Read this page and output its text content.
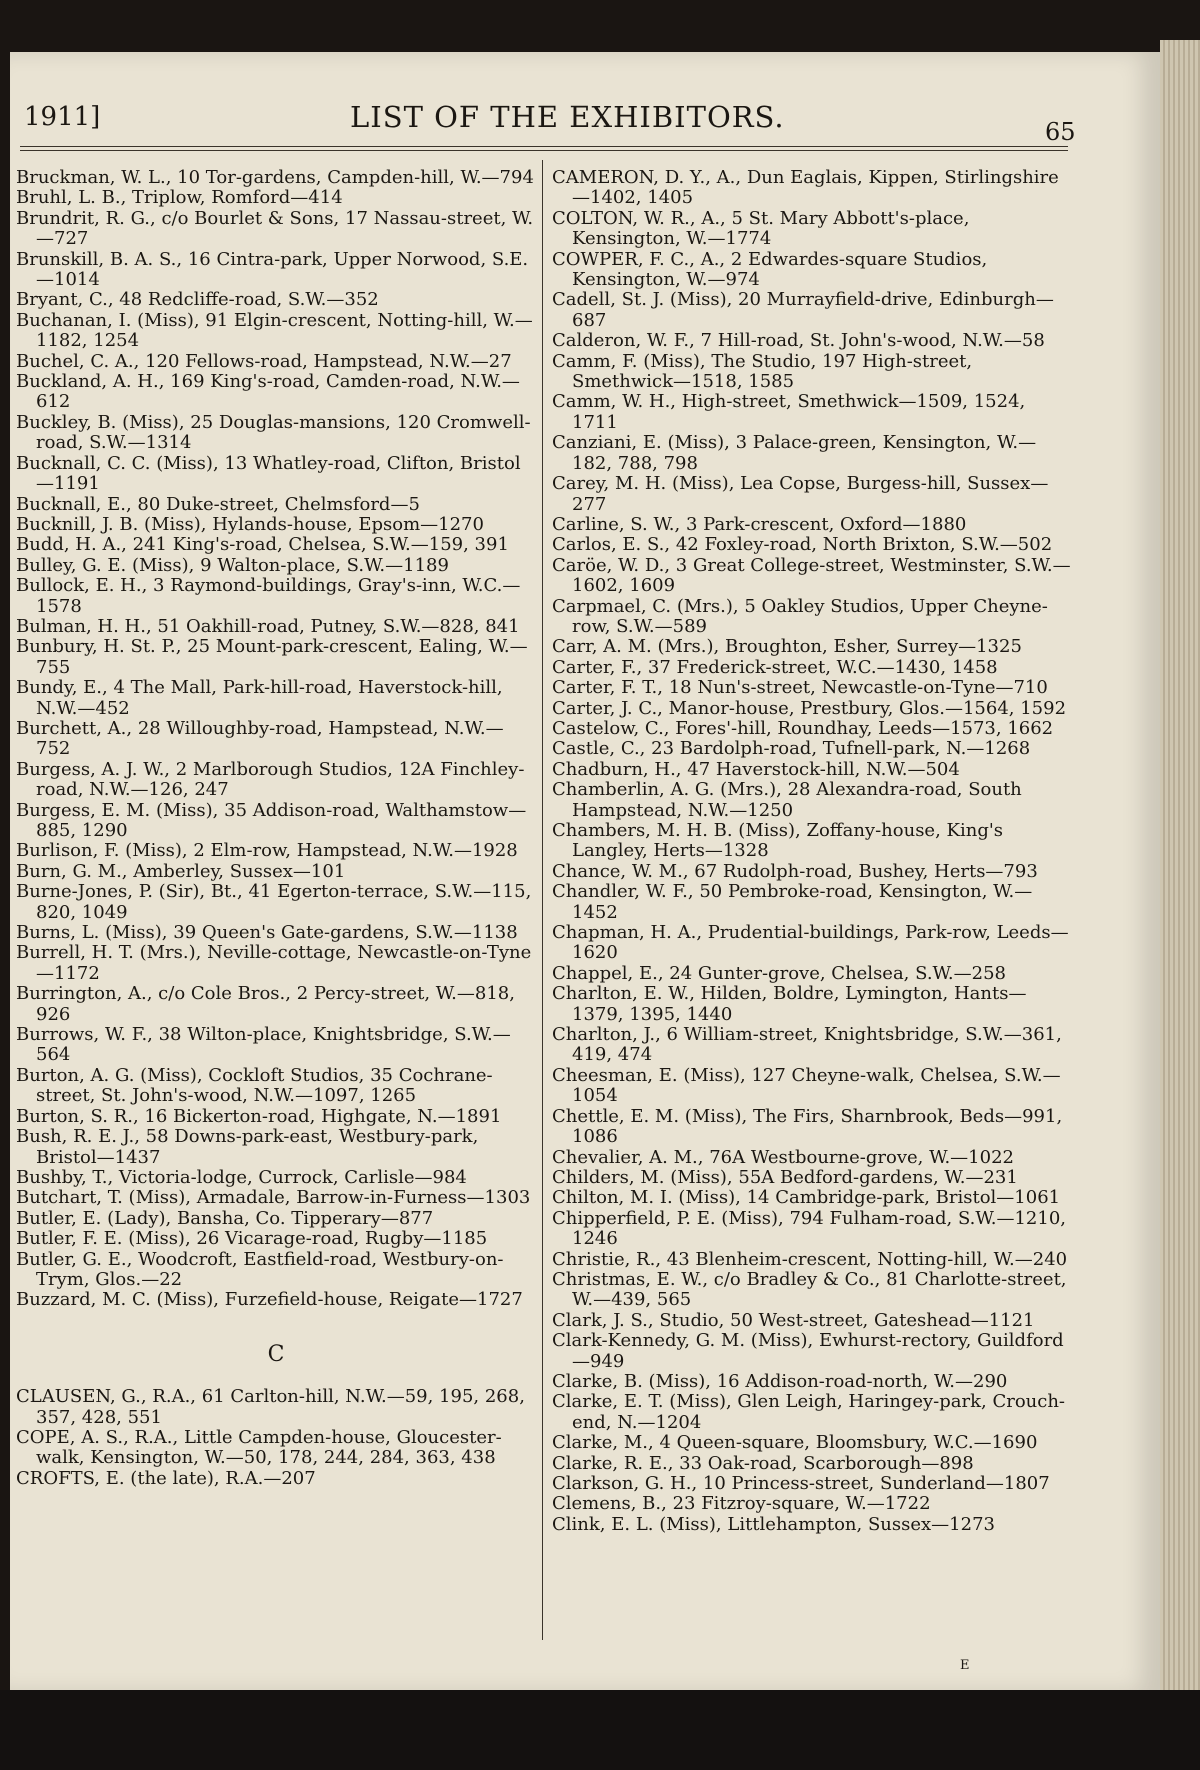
1911]	LIST OF THE EXHIBITORS.	65

Bruckman, W. L., 10 Tor-gardens, Campden-hill, W.—794

Bruhl, L. B., Triplow, Romford—414

Brundrit, R. G., c/o Bourlet & Sons, 17 Nassau-street, W.—727

Brunskill, B. A. S., 16 Cintra-park, Upper Norwood, S.E.—1014

Bryant, C., 48 Redcliffe-road, S.W.—352

Buchanan, I. (Miss), 91 Elgin-crescent, Notting-hill, W.—1182, 1254

Buchel, C. A., 120 Fellows-road, Hampstead, N.W.—27

Buckland, A. H., 169 King's-road, Camden-road, N.W.—612

Buckley, B. (Miss), 25 Douglas-mansions, 120 Cromwell-road, S.W.—1314

Bucknall, C. C. (Miss), 13 Whatley-road, Clifton, Bristol—1191

Bucknall, E., 80 Duke-street, Chelmsford—5

Bucknill, J. B. (Miss), Hylands-house, Epsom—1270

Budd, H. A., 241 King's-road, Chelsea, S.W.—159, 391

Bulley, G. E. (Miss), 9 Walton-place, S.W.—1189

Bullock, E. H., 3 Raymond-buildings, Gray's-inn, W.C.—1578

Bulman, H. H., 51 Oakhill-road, Putney, S.W.—828, 841

Bunbury, H. St. P., 25 Mount-park-crescent, Ealing, W.—755

Bundy, E., 4 The Mall, Park-hill-road, Haverstock-hill, N.W.—452

Burchett, A., 28 Willoughby-road, Hampstead, N.W.—752

Burgess, A. J. W., 2 Marlborough Studios, 12A Finchley-road, N.W.—126, 247

Burgess, E. M. (Miss), 35 Addison-road, Walthamstow—885, 1290

Burlison, F. (Miss), 2 Elm-row, Hampstead, N.W.—1928

Burn, G. M., Amberley, Sussex—101

Burne-Jones, P. (Sir), Bt., 41 Egerton-terrace, S.W.—115, 820, 1049

Burns, L. (Miss), 39 Queen's Gate-gardens, S.W.—1138

Burrell, H. T. (Mrs.), Neville-cottage, Newcastle-on-Tyne—1172

Burrington, A., c/o Cole Bros., 2 Percy-street, W.—818, 926

Burrows, W. F., 38 Wilton-place, Knightsbridge, S.W.—564

Burton, A. G. (Miss), Cockloft Studios, 35 Cochrane-street, St. John's-wood, N.W.—1097, 1265

Burton, S. R., 16 Bickerton-road, Highgate, N.—1891

Bush, R. E. J., 58 Downs-park-east, Westbury-park, Bristol—1437

Bushby, T., Victoria-lodge, Currock, Carlisle—984

Butchart, T. (Miss), Armadale, Barrow-in-Furness—1303

Butler, E. (Lady), Bansha, Co. Tipperary—877

Butler, F. E. (Miss), 26 Vicarage-road, Rugby—1185

Butler, G. E., Woodcroft, Eastfield-road, Westbury-on-Trym, Glos.—22

Buzzard, M. C. (Miss), Furzefield-house, Reigate—1727

C

CLAUSEN, G., R.A., 61 Carlton-hill, N.W.—59, 195, 268, 357, 428, 551

COPE, A. S., R.A., Little Campden-house, Gloucester-walk, Kensington, W.—50, 178, 244, 284, 363, 438

CROFTS, E. (the late), R.A.—207

CAMERON, D. Y., A., Dun Eaglais, Kippen, Stirlingshire—1402, 1405

COLTON, W. R., A., 5 St. Mary Abbott's-place, Kensington, W.—1774

COWPER, F. C., A., 2 Edwardes-square Studios, Kensington, W.—974

Cadell, St. J. (Miss), 20 Murrayfield-drive, Edinburgh—687

Calderon, W. F., 7 Hill-road, St. John's-wood, N.W.—58

Camm, F. (Miss), The Studio, 197 High-street, Smethwick—1518, 1585

Camm, W. H., High-street, Smethwick—1509, 1524, 1711

Canziani, E. (Miss), 3 Palace-green, Kensington, W.—182, 788, 798

Carey, M. H. (Miss), Lea Copse, Burgess-hill, Sussex—277

Carline, S. W., 3 Park-crescent, Oxford—1880

Carlos, E. S., 42 Foxley-road, North Brixton, S.W.—502

Caröe, W. D., 3 Great College-street, Westminster, S.W.—1602, 1609

Carpmael, C. (Mrs.), 5 Oakley Studios, Upper Cheyne-row, S.W.—589

Carr, A. M. (Mrs.), Broughton, Esher, Surrey—1325

Carter, F., 37 Frederick-street, W.C.—1430, 1458

Carter, F. T., 18 Nun's-street, Newcastle-on-Tyne—710

Carter, J. C., Manor-house, Prestbury, Glos.—1564, 1592

Castelow, C., Fores'-hill, Roundhay, Leeds—1573, 1662

Castle, C., 23 Bardolph-road, Tufnell-park, N.—1268

Chadburn, H., 47 Haverstock-hill, N.W.—504

Chamberlin, A. G. (Mrs.), 28 Alexandra-road, South Hampstead, N.W.—1250

Chambers, M. H. B. (Miss), Zoffany-house, King's Langley, Herts—1328

Chance, W. M., 67 Rudolph-road, Bushey, Herts—793

Chandler, W. F., 50 Pembroke-road, Kensington, W.—1452

Chapman, H. A., Prudential-buildings, Park-row, Leeds—1620

Chappel, E., 24 Gunter-grove, Chelsea, S.W.—258

Charlton, E. W., Hilden, Boldre, Lymington, Hants—1379, 1395, 1440

Charlton, J., 6 William-street, Knightsbridge, S.W.—361, 419, 474

Cheesman, E. (Miss), 127 Cheyne-walk, Chelsea, S.W.—1054

Chettle, E. M. (Miss), The Firs, Sharnbrook, Beds—991, 1086

Chevalier, A. M., 76A Westbourne-grove, W.—1022

Childers, M. (Miss), 55A Bedford-gardens, W.—231

Chilton, M. I. (Miss), 14 Cambridge-park, Bristol—1061

Chipperfield, P. E. (Miss), 794 Fulham-road, S.W.—1210, 1246

Christie, R., 43 Blenheim-crescent, Notting-hill, W.—240

Christmas, E. W., c/o Bradley & Co., 81 Charlotte-street, W.—439, 565

Clark, J. S., Studio, 50 West-street, Gateshead—1121

Clark-Kennedy, G. M. (Miss), Ewhurst-rectory, Guildford—949

Clarke, B. (Miss), 16 Addison-road-north, W.—290

Clarke, E. T. (Miss), Glen Leigh, Haringey-park, Crouch-end, N.—1204

Clarke, M., 4 Queen-square, Bloomsbury, W.C.—1690

Clarke, R. E., 33 Oak-road, Scarborough—898

Clarkson, G. H., 10 Princess-street, Sunderland—1807

Clemens, B., 23 Fitzroy-square, W.—1722

Clink, E. L. (Miss), Littlehampton, Sussex—1273

E
